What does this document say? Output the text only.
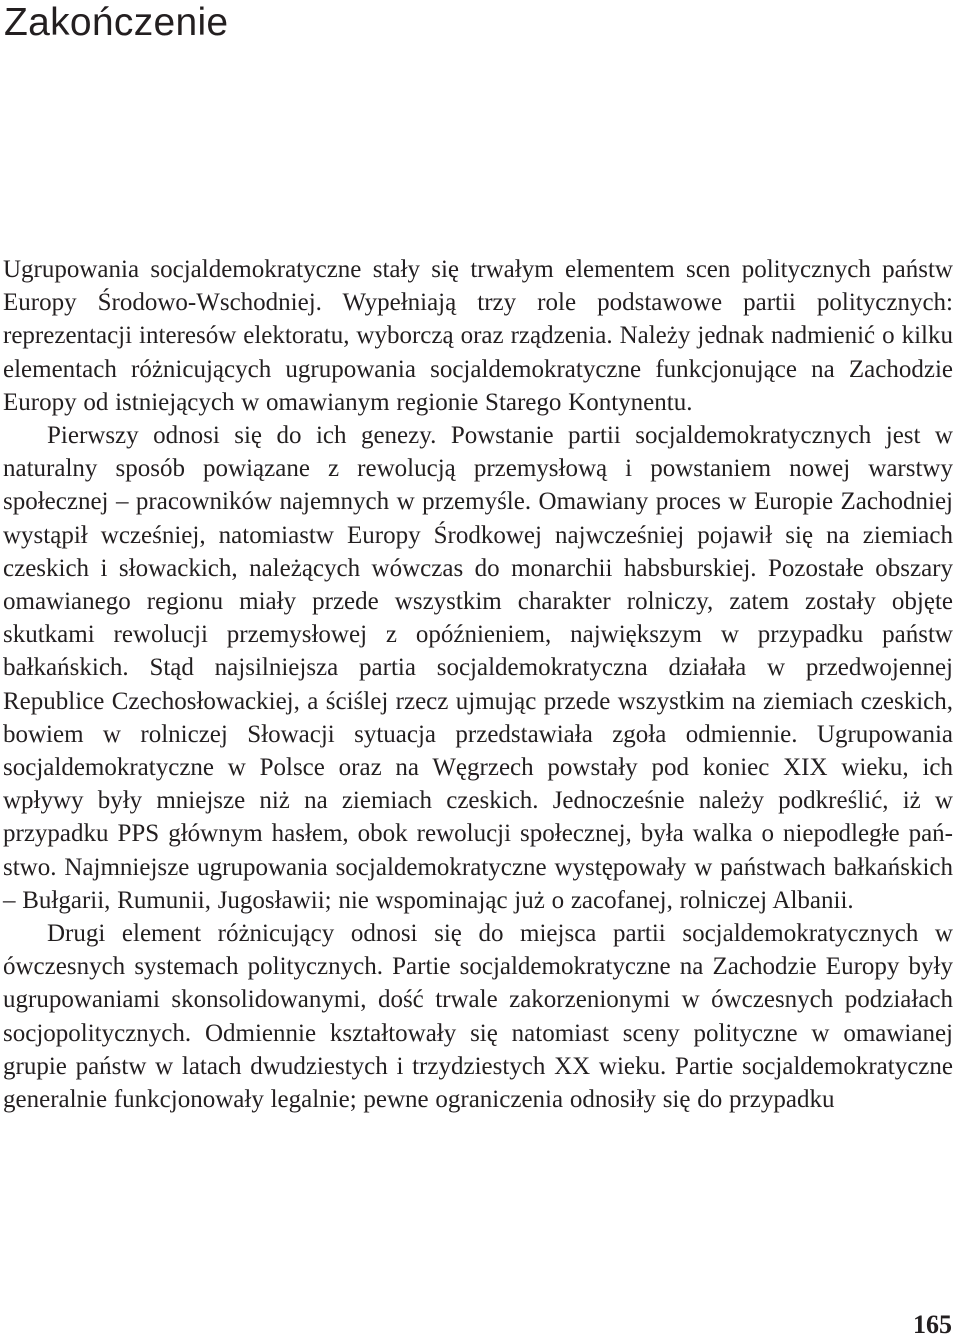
Zakończenie

Ugrupowania socjaldemokratyczne stały się trwałym elementem scen politycznych państw Europy Środowo-Wschodniej. Wypełniają trzy role podstawowe partii politycznych: reprezentacji interesów elektoratu, wyborczą oraz rządzenia. Należy jednak nadmienić o kilku elementach różnicujących ugrupowania socjaldemokratyczne funkcjonujące na Zachodzie Europy od istniejących w omawianym regionie Starego Kontynentu.

Pierwszy odnosi się do ich genezy. Powstanie partii socjaldemokratycznych jest w naturalny sposób powiązane z rewolucją przemysłową i powstaniem nowej warstwy społecznej – pracowników najemnych w przemyśle. Omawiany proces w Europie Zachodniej wystąpił wcześniej, natomiastw Europy Środkowej najwcześniej pojawił się na ziemiach czeskich i słowackich, należących wówczas do monarchii habsburskiej. Pozostałe obszary omawianego regionu miały przede wszystkim charakter rolniczy, zatem zostały objęte skutkami rewolucji przemysłowej z opóźnieniem, największym w przypadku państw bałkańskich. Stąd najsilniejsza partia socjaldemokratyczna działała w przedwojennej Republice Czechosłowackiej, a ściślej rzecz ujmując przede wszystkim na ziemiach czeskich, bowiem w rolniczej Słowacji sytuacja przedstawiała zgoła odmiennie. Ugrupowania socjaldemokratyczne w Polsce oraz na Węgrzech powstały pod koniec XIX wieku, ich wpływy były mniejsze niż na ziemiach czeskich. Jednocześnie należy podkreślić, iż w przypadku PPS głównym hasłem, obok rewolucji społecznej, była walka o niepodległe państwo. Najmniejsze ugrupowania socjaldemokratyczne występowały w państwach bałkańskich – Bułgarii, Rumunii, Jugosławii; nie wspominając już o zacofanej, rolniczej Albanii.

Drugi element różnicujący odnosi się do miejsca partii socjaldemokratycznych w ówczesnych systemach politycznych. Partie socjaldemokratyczne na Zachodzie Europy były ugrupowaniami skonsolidowanymi, dość trwale zakorzenionymi w ówczesnych podziałach socjopolitycznych. Odmiennie kształtowały się natomiast sceny polityczne w omawianej grupie państw w latach dwudziestych i trzydziestych XX wieku. Partie socjaldemokratyczne generalnie funkcjonowały legalnie; pewne ograniczenia odnosiły się do przypadku

165
